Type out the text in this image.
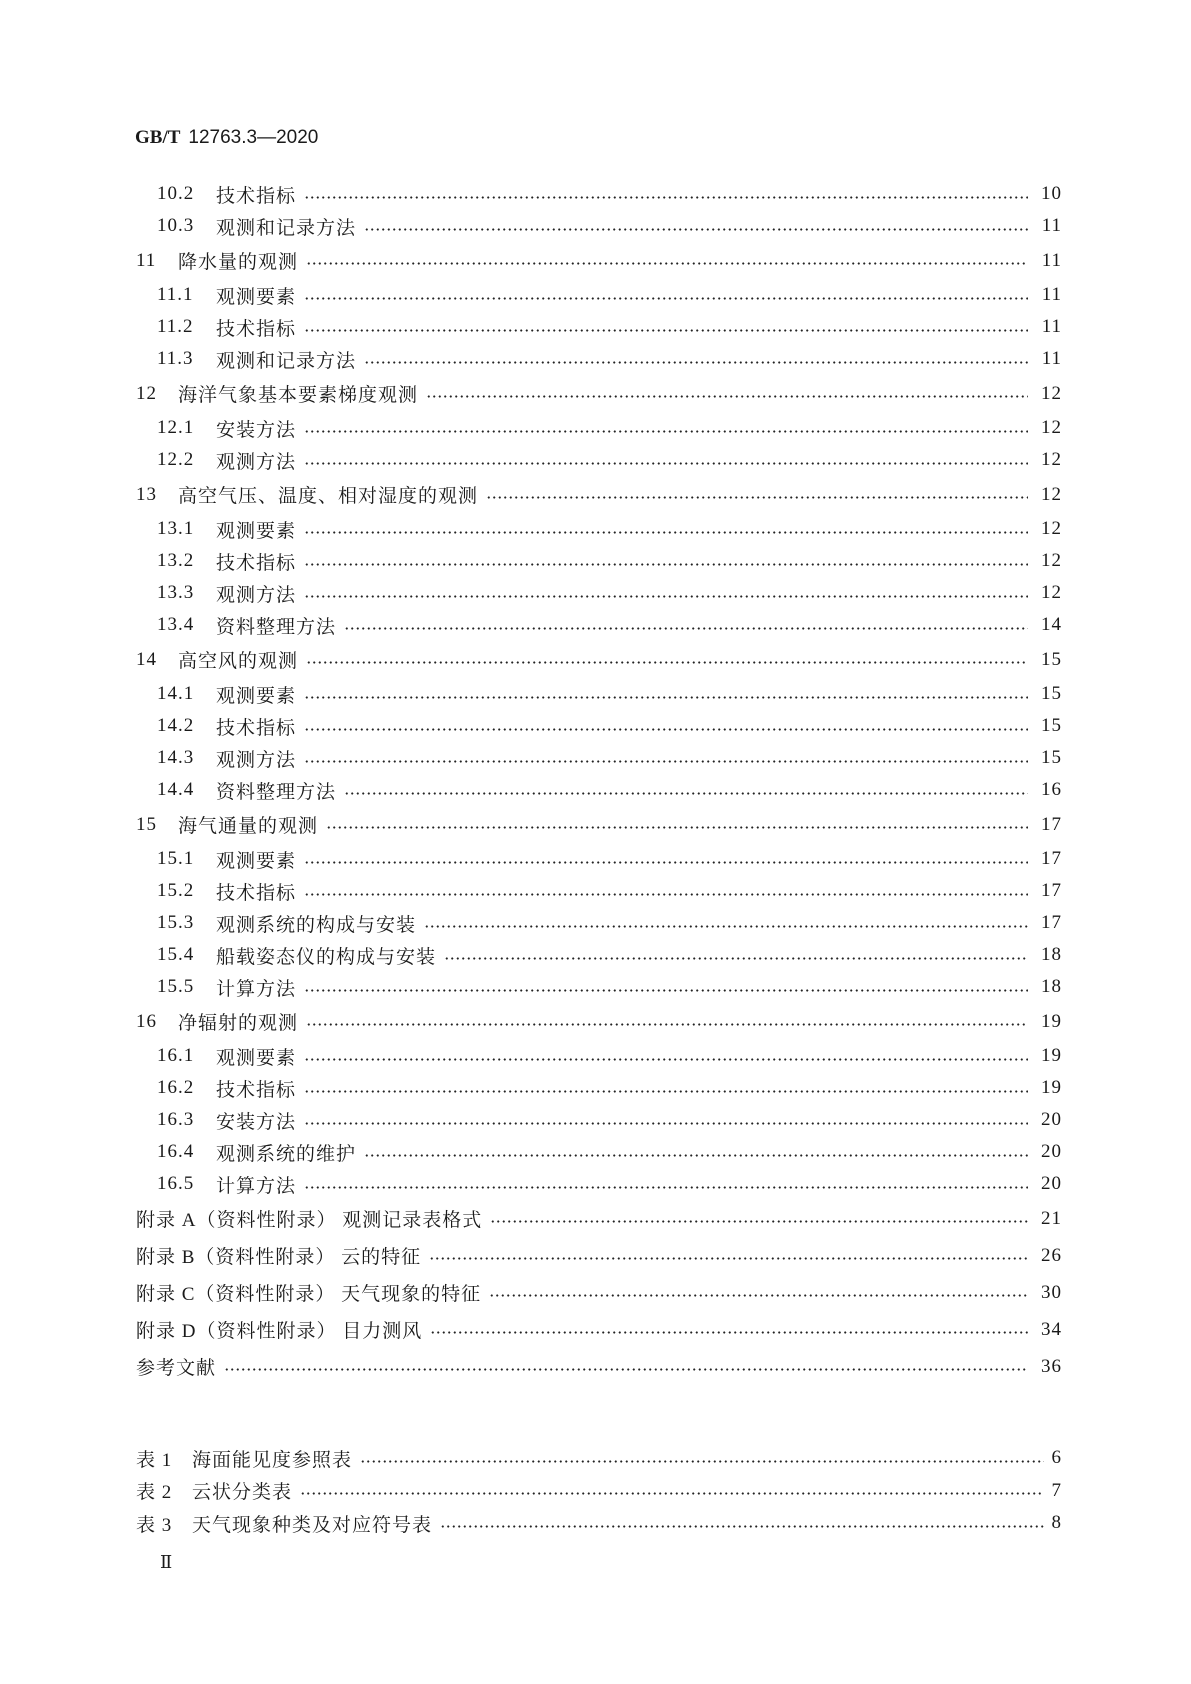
GB/T 12763.3—2020
10.2	技术指标	10
10.3	观测和记录方法	11
11	降水量的观测	11
11.1	观测要素	11
11.2	技术指标	11
11.3	观测和记录方法	11
12	海洋气象基本要素梯度观测	12
12.1	安装方法	12
12.2	观测方法	12
13	高空气压、温度、相对湿度的观测	12
13.1	观测要素	12
13.2	技术指标	12
13.3	观测方法	12
13.4	资料整理方法	14
14	高空风的观测	15
14.1	观测要素	15
14.2	技术指标	15
14.3	观测方法	15
14.4	资料整理方法	16
15	海气通量的观测	17
15.1	观测要素	17
15.2	技术指标	17
15.3	观测系统的构成与安装	17
15.4	船载姿态仪的构成与安装	18
15.5	计算方法	18
16	净辐射的观测	19
16.1	观测要素	19
16.2	技术指标	19
16.3	安装方法	20
16.4	观测系统的维护	20
16.5	计算方法	20
附录 A（资料性附录） 观测记录表格式	21
附录 B（资料性附录） 云的特征	26
附录 C（资料性附录） 天气现象的特征	30
附录 D（资料性附录） 目力测风	34
参考文献	36
表 1	海面能见度参照表	6
表 2	云状分类表	7
表 3	天气现象种类及对应符号表	8
Ⅱ
